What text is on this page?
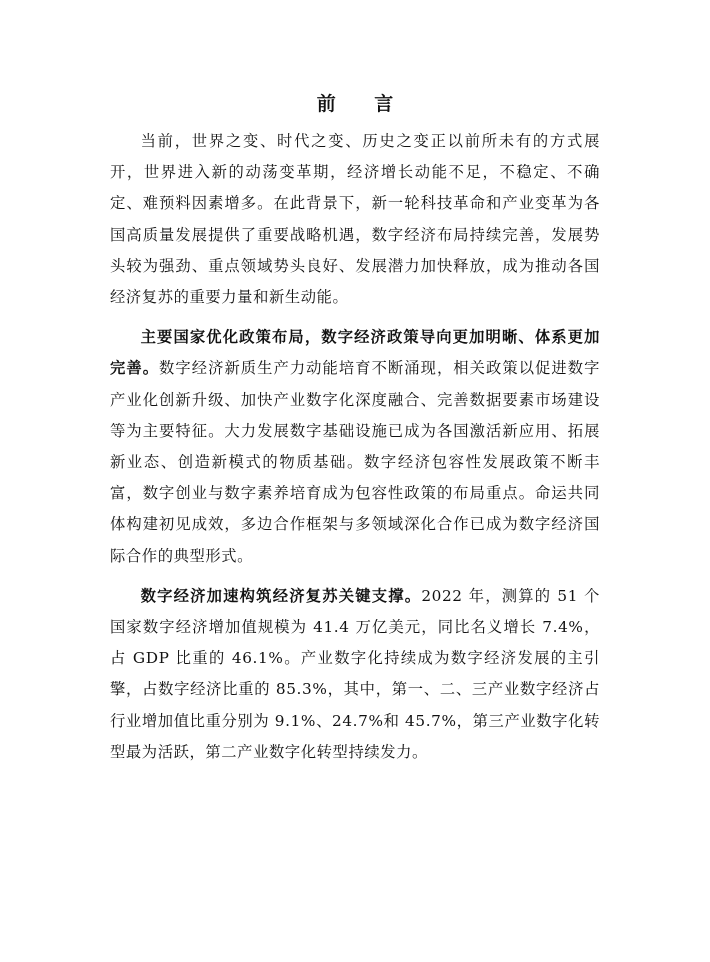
前 言

当前，世界之变、时代之变、历史之变正以前所未有的方式展开，世界进入新的动荡变革期，经济增长动能不足，不稳定、不确定、难预料因素增多。在此背景下，新一轮科技革命和产业变革为各国高质量发展提供了重要战略机遇，数字经济布局持续完善，发展势头较为强劲、重点领域势头良好、发展潜力加快释放，成为推动各国经济复苏的重要力量和新生动能。

主要国家优化政策布局，数字经济政策导向更加明晰、体系更加完善。数字经济新质生产力动能培育不断涌现，相关政策以促进数字产业化创新升级、加快产业数字化深度融合、完善数据要素市场建设等为主要特征。大力发展数字基础设施已成为各国激活新应用、拓展新业态、创造新模式的物质基础。数字经济包容性发展政策不断丰富，数字创业与数字素养培育成为包容性政策的布局重点。命运共同体构建初见成效，多边合作框架与多领域深化合作已成为数字经济国际合作的典型形式。

数字经济加速构筑经济复苏关键支撑。2022 年，测算的 51 个国家数字经济增加值规模为 41.4 万亿美元，同比名义增长 7.4%，占 GDP 比重的 46.1%。产业数字化持续成为数字经济发展的主引擎，占数字经济比重的 85.3%，其中，第一、二、三产业数字经济占行业增加值比重分别为 9.1%、24.7%和 45.7%，第三产业数字化转型最为活跃，第二产业数字化转型持续发力。
